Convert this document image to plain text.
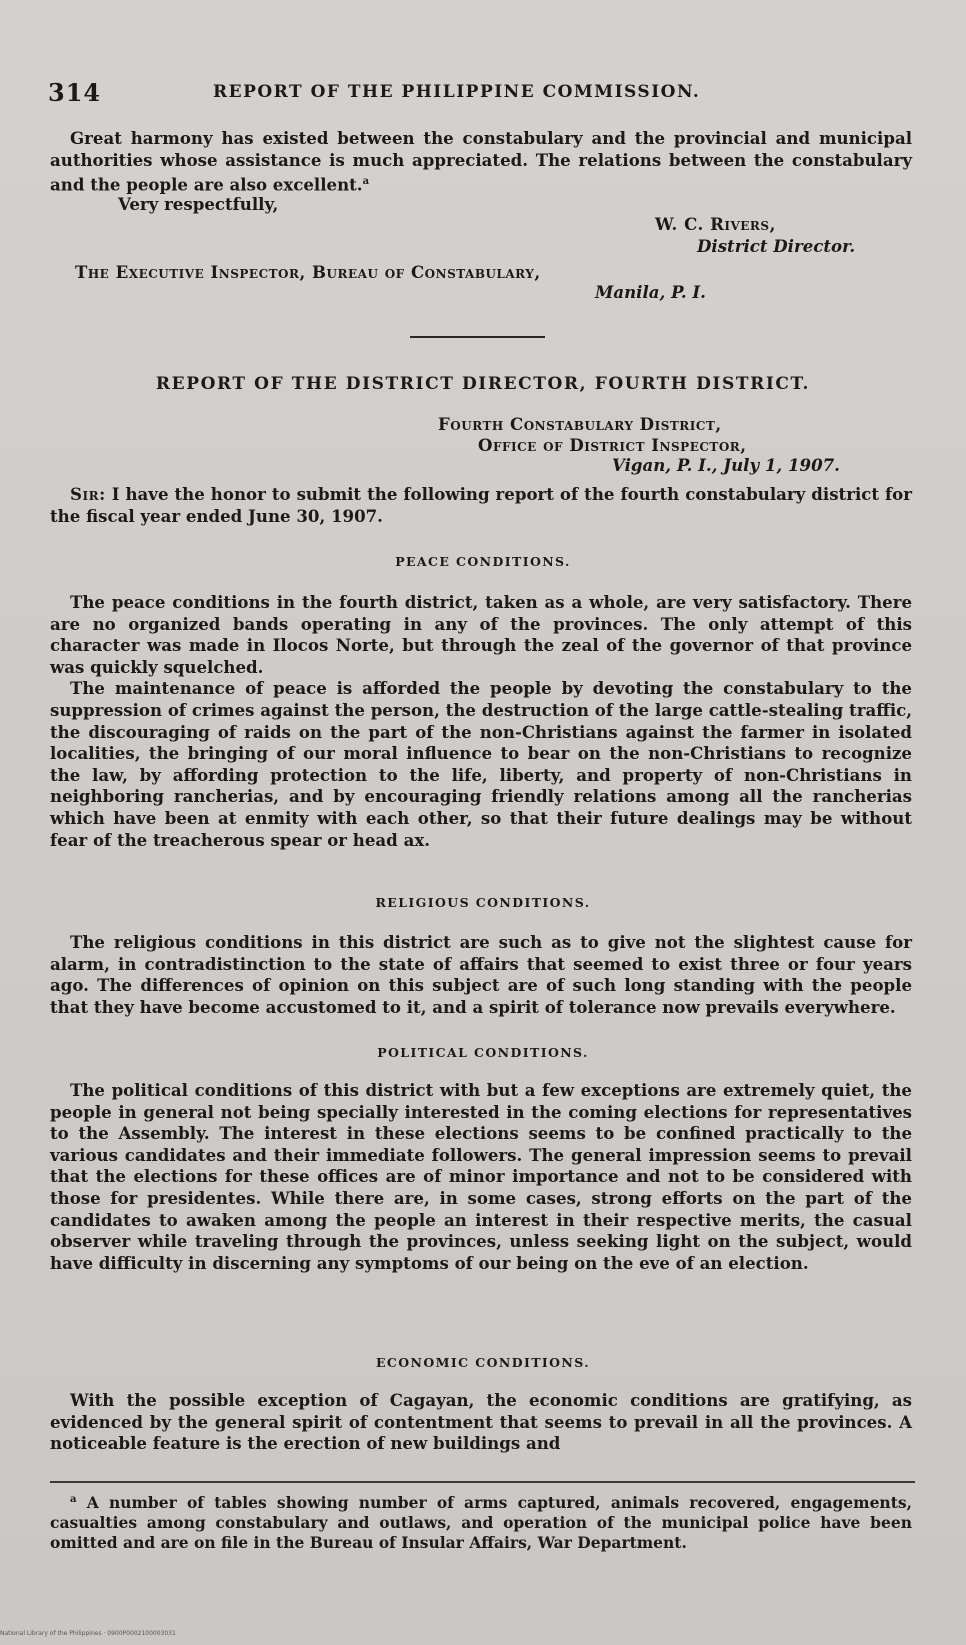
314	REPORT OF THE PHILIPPINE COMMISSION.

Great harmony has existed between the constabulary and the provincial and municipal authorities whose assistance is much appreciated. The relations between the constabulary and the people are also excellent.$^a$

Very respectfully,
W. C. Rivers,
District Director.
The Executive Inspector, Bureau of Constabulary,
Manila, P. I.
REPORT OF THE DISTRICT DIRECTOR, FOURTH DISTRICT.
Fourth Constabulary District,
Office of District Inspector,
Vigan, P. I., July 1, 1907.

Sir: I have the honor to submit the following report of the fourth constabulary district for the fiscal year ended June 30, 1907.

PEACE CONDITIONS.

The peace conditions in the fourth district, taken as a whole, are very satisfactory. There are no organized bands operating in any of the provinces. The only attempt of this character was made in Ilocos Norte, but through the zeal of the governor of that province was quickly squelched.

The maintenance of peace is afforded the people by devoting the constabulary to the suppression of crimes against the person, the destruction of the large cattle-stealing traffic, the discouraging of raids on the part of the non-Christians against the farmer in isolated localities, the bringing of our moral influence to bear on the non-Christians to recognize the law, by affording protection to the life, liberty, and property of non-Christians in neighboring rancherias, and by encouraging friendly relations among all the rancherias which have been at enmity with each other, so that their future dealings may be without fear of the treacherous spear or head ax.

RELIGIOUS CONDITIONS.

The religious conditions in this district are such as to give not the slightest cause for alarm, in contradistinction to the state of affairs that seemed to exist three or four years ago. The differences of opinion on this subject are of such long standing with the people that they have become accustomed to it, and a spirit of tolerance now prevails everywhere.

POLITICAL CONDITIONS.

The political conditions of this district with but a few exceptions are extremely quiet, the people in general not being specially interested in the coming elections for representatives to the Assembly. The interest in these elections seems to be confined practically to the various candidates and their immediate followers. The general impression seems to prevail that the elections for these offices are of minor importance and not to be considered with those for presidentes. While there are, in some cases, strong efforts on the part of the candidates to awaken among the people an interest in their respective merits, the casual observer while traveling through the provinces, unless seeking light on the subject, would have difficulty in discerning any symptoms of our being on the eve of an election.

ECONOMIC CONDITIONS.

With the possible exception of Cagayan, the economic conditions are gratifying, as evidenced by the general spirit of contentment that seems to prevail in all the provinces. A noticeable feature is the erection of new buildings and

$^a$ A number of tables showing number of arms captured, animals recovered, engagements, casualties among constabulary and outlaws, and operation of the municipal police have been omitted and are on file in the Bureau of Insular Affairs, War Department.

National Library of the Philippines · 0900P0002100003031
